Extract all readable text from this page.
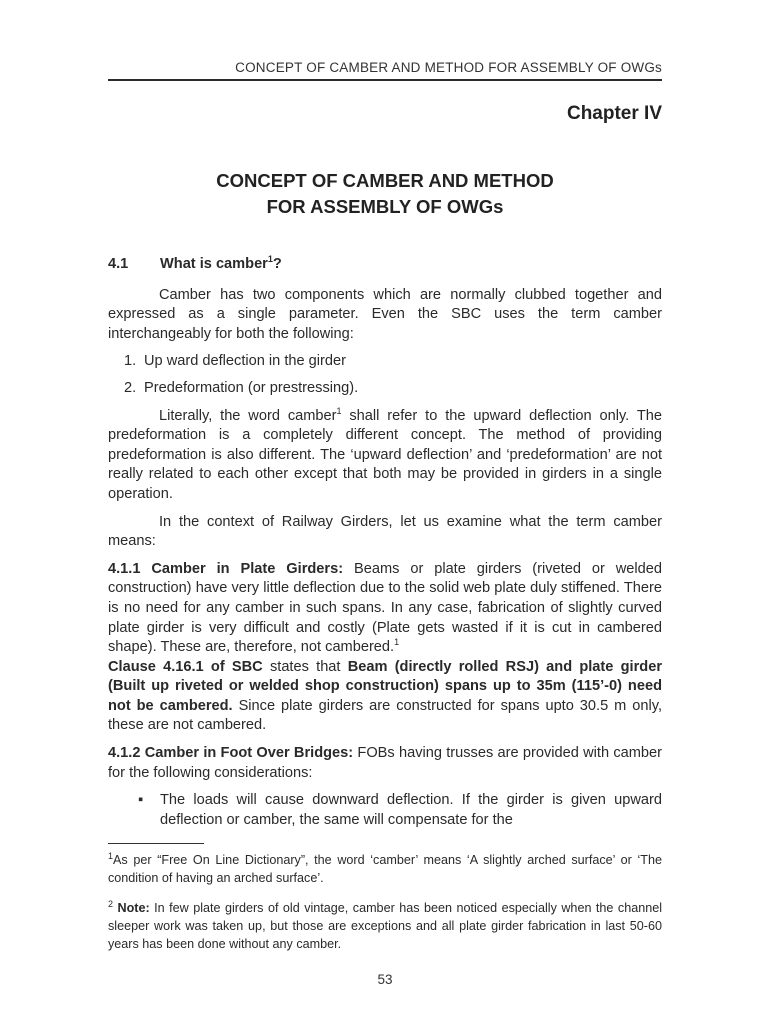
CONCEPT OF CAMBER AND METHOD FOR ASSEMBLY OF OWGs
Chapter IV
CONCEPT OF CAMBER AND METHOD
FOR ASSEMBLY OF OWGs
4.1 What is camber$^1$?

Camber has two components which are normally clubbed together and expressed as a single parameter. Even the SBC uses the term camber interchangeably for both the following:

1. Up ward deflection in the girder
2. Predeformation (or prestressing).

Literally, the word camber$^1$ shall refer to the upward deflection only. The predeformation is a completely different concept. The method of providing predeformation is also different. The ‘upward deflection’ and ‘predeformation’ are not really related to each other except that both may be provided in girders in a single operation.

In the context of Railway Girders, let us examine what the term camber means:

4.1.1 Camber in Plate Girders: Beams or plate girders (riveted or welded construction) have very little deflection due to the solid web plate duly stiffened. There is no need for any camber in such spans. In any case, fabrication of slightly curved plate girder is very difficult and costly (Plate gets wasted if it is cut in cambered shape). These are, therefore, not cambered.$^1$
Clause 4.16.1 of SBC states that Beam (directly rolled RSJ) and plate girder (Built up riveted or welded shop construction) spans up to 35m (115’-0) need not be cambered. Since plate girders are constructed for spans upto 30.5 m only, these are not cambered.

4.1.2 Camber in Foot Over Bridges: FOBs having trusses are provided with camber for the following considerations:

▪ The loads will cause downward deflection. If the girder is given upward deflection or camber, the same will compensate for the

$^1$As per “Free On Line Dictionary”, the word ‘camber’ means ‘A slightly arched surface’ or ‘The condition of having an arched surface’.

$^2$ Note: In few plate girders of old vintage, camber has been noticed especially when the channel sleeper work was taken up, but those are exceptions and all plate girder fabrication in last 50-60 years has been done without any camber.

53
